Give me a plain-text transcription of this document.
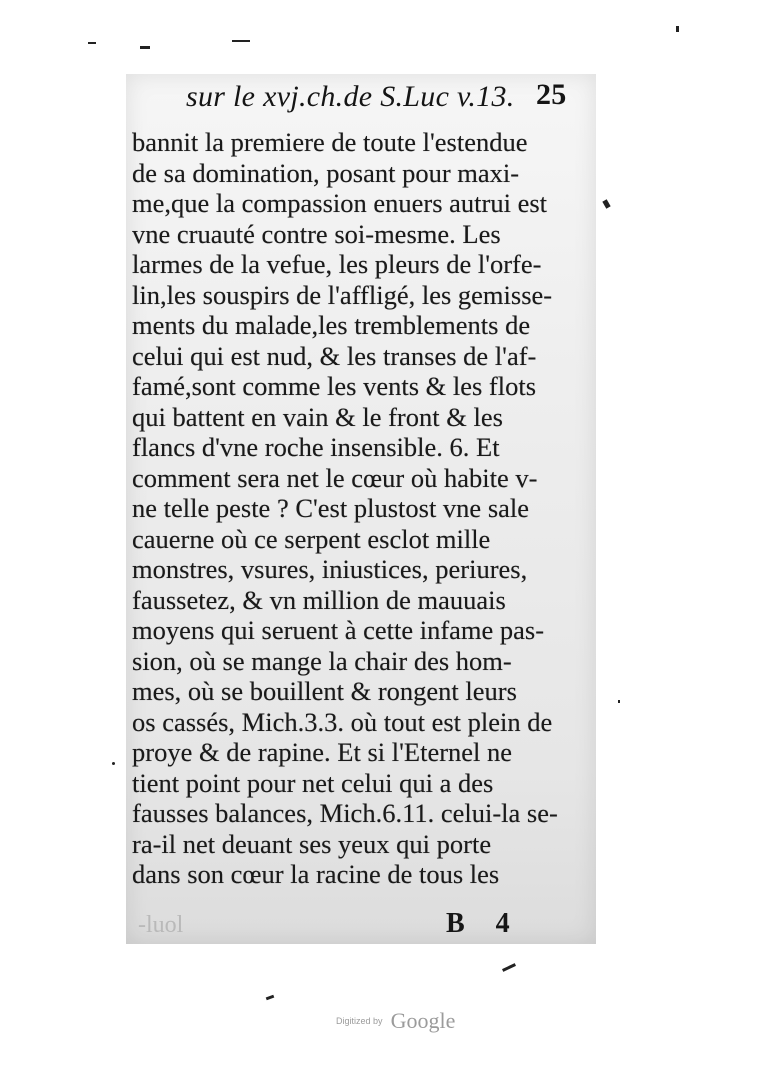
sur le xvj.ch.de S.Luc v.13. 25
bannit la premiere de toute l'estendue
de sa domination, posant pour maxi-
me,que la compassion enuers autrui est
vne cruauté contre soi-mesme. Les
larmes de la vefue, les pleurs de l'orfe-
lin,les souspirs de l'affligé, les gemisse-
ments du malade,les tremblements de
celui qui est nud, & les transes de l'af-
famé,sont comme les vents & les flots
qui battent en vain & le front & les
flancs d'vne roche insensible. 6. Et
comment sera net le cœur où habite v-
ne telle peste ? C'est plustost vne sale
cauerne où ce serpent esclot mille
monstres, vsures, iniustices, periures,
faussetez, & vn million de mauuais
moyens qui seruent à cette infame pas-
sion, où se mange la chair des hom-
mes, où se bouillent & rongent leurs
os cassés, Mich.3.3. où tout est plein de
proye & de rapine. Et si l'Eternel ne
tient point pour net celui qui a des
fausses balances, Mich.6.11. celui-la se-
ra-il net deuant ses yeux qui porte
dans son cœur la racine de tous les
-luol	B 4
Digitized by Google
